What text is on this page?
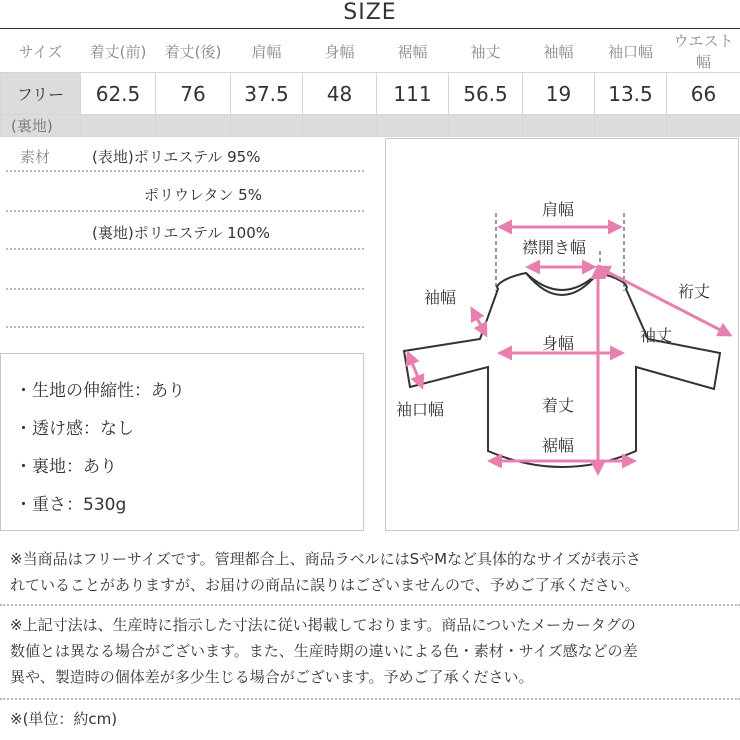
SIZE
サイズ	着丈(前)	着丈(後)	肩幅	身幅	裾幅	袖丈	袖幅	袖口幅	ウエスト幅
フリー	62.5	76	37.5	48	111	56.5	19	13.5	66
(裏地)									
素材	(表地)ポリエステル 95%
ポリウレタン 5%
(裏地)ポリエステル 100%
・生地の伸縮性：あり
・透け感：なし
・裏地：あり
・重さ：530g
肩幅
襟開き幅
袖幅	裄丈
袖丈
身幅
袖口幅	着丈
裾幅
※当商品はフリーサイズです。管理都合上、商品ラベルにはSやMなど具体的なサイズが表示さ
れていることがありますが、お届けの商品に誤りはございませんので、予めご了承ください。
※上記寸法は、生産時に指示した寸法に従い掲載しております。商品についたメーカータグの
数値とは異なる場合がございます。また、生産時期の違いによる色・素材・サイズ感などの差
異や、製造時の個体差が多少生じる場合がございます。予めご了承ください。
※(単位：約cm)
